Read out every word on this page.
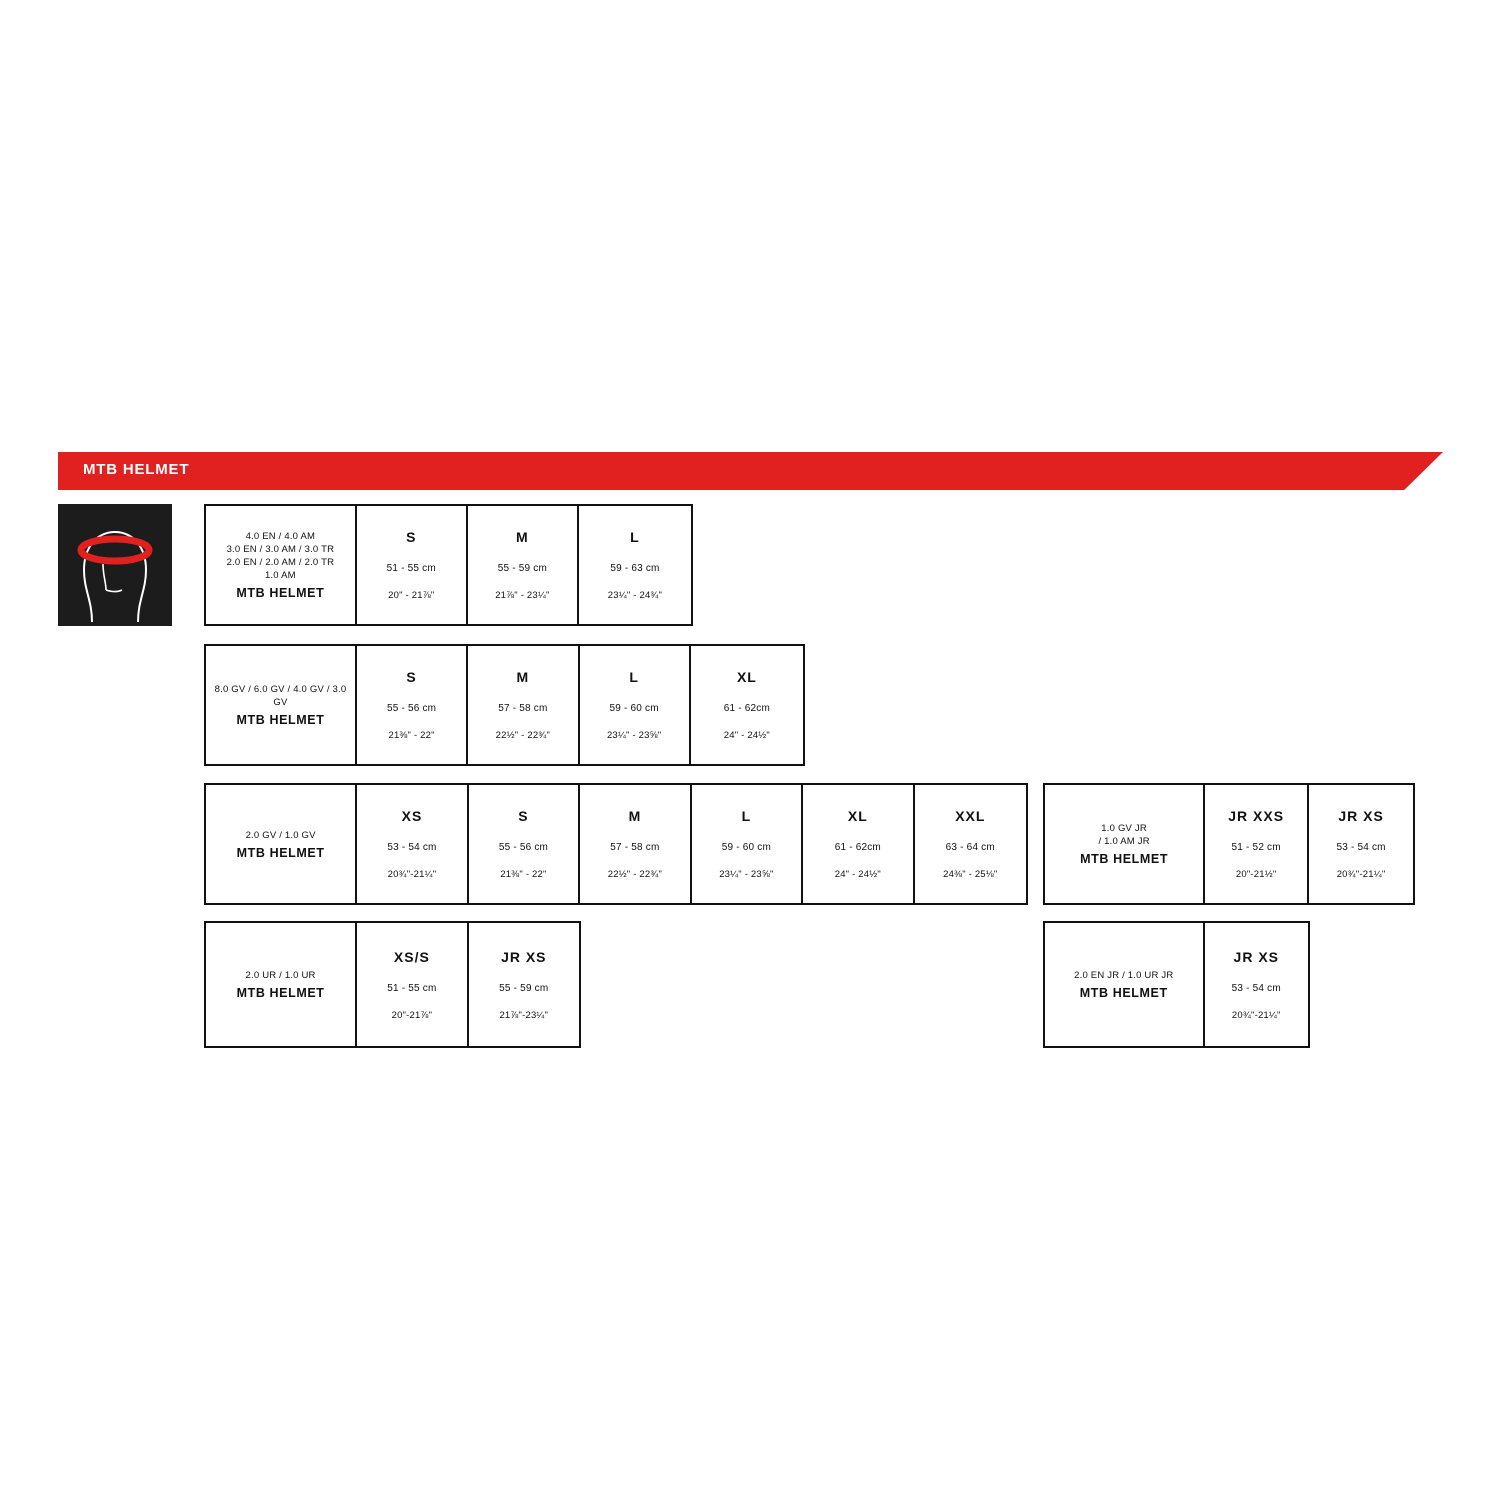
MTB HELMET
4.0 EN / 4.0 AM
3.0 EN / 3.0 AM / 3.0 TR
2.0 EN / 2.0 AM / 2.0 TR
1.0 AM
MTB HELMET
S
51 - 55 cm
20" - 21⅞"
M
55 - 59 cm
21⅞" - 23¼"
L
59 - 63 cm
23¼" - 24¾"
8.0 GV / 6.0 GV / 4.0 GV / 3.0 GV
MTB HELMET
S
55 - 56 cm
21⅜" - 22"
M
57 - 58 cm
22½" - 22¾"
L
59 - 60 cm
23¼" - 23⅝"
XL
61 - 62cm
24" - 24½"
2.0 GV / 1.0 GV
MTB HELMET
XS
53 - 54 cm
20¾"-21¼"
S
55 - 56 cm
21⅜" - 22"
M
57 - 58 cm
22½" - 22¾"
L
59 - 60 cm
23¼" - 23⅝"
XL
61 - 62cm
24" - 24½"
XXL
63 - 64 cm
24⅜" - 25⅛"
1.0 GV JR
/ 1.0 AM JR
MTB HELMET
JR XXS
51 - 52 cm
20"-21½"
JR XS
53 - 54 cm
20¾"-21¼"
2.0 UR / 1.0 UR
MTB HELMET
XS/S
51 - 55 cm
20"-21⅞"
JR XS
55 - 59 cm
21⅞"-23¼"
2.0 EN JR / 1.0 UR JR
MTB HELMET
JR XS
53 - 54 cm
20¾"-21¼"
